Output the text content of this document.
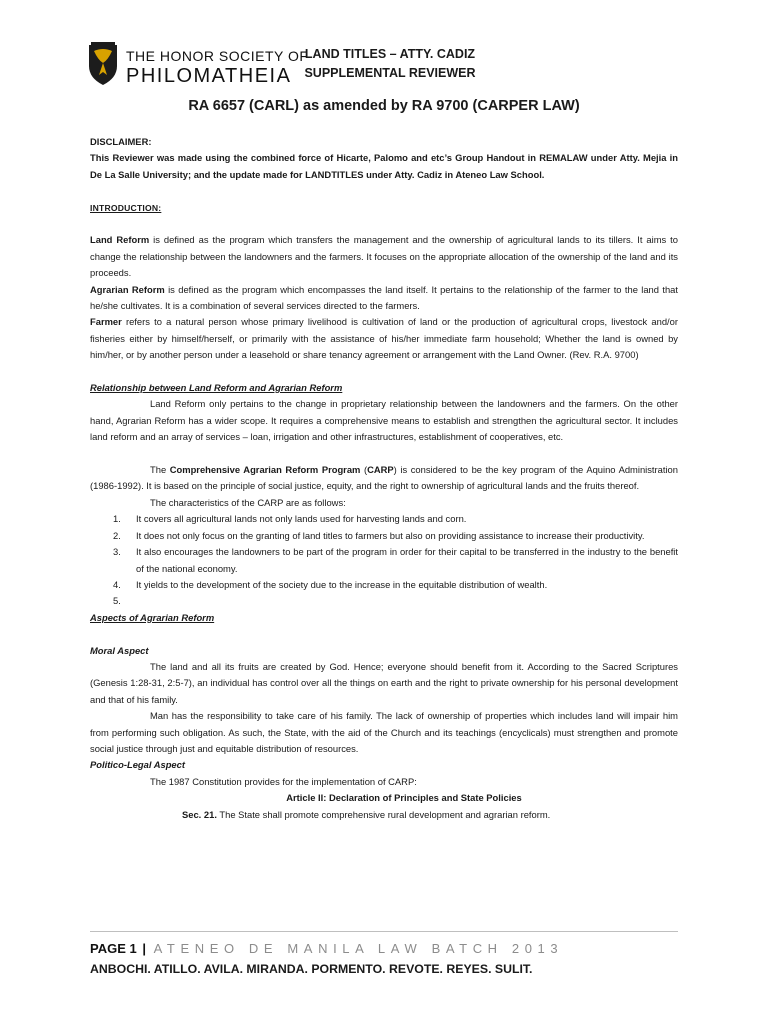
THE HONOR SOCIETY OF
PHILOMATHEIA
LAND TITLES – ATTY. CADIZ
SUPPLEMENTAL REVIEWER
RA 6657 (CARL) as amended by RA 9700 (CARPER LAW)

DISCLAIMER:

This Reviewer was made using the combined force of Hicarte, Palomo and etc’s Group Handout in REMALAW under Atty. Mejia in De La Salle University; and the update made for LANDTITLES under Atty. Cadiz in Ateneo Law School.

INTRODUCTION:

Land Reform is defined as the program which transfers the management and the ownership of agricultural lands to its tillers. It aims to change the relationship between the landowners and the farmers. It focuses on the appropriate allocation of the ownership of the land and its proceeds.

Agrarian Reform is defined as the program which encompasses the land itself. It pertains to the relationship of the farmer to the land that he/she cultivates. It is a combination of several services directed to the farmers.

Farmer refers to a natural person whose primary livelihood is cultivation of land or the production of agricultural crops, livestock and/or fisheries either by himself/herself, or primarily with the assistance of his/her immediate farm household; Whether the land is owned by him/her, or by another person under a leasehold or share tenancy agreement or arrangement with the Land Owner. (Rev. R.A. 9700)

Relationship between Land Reform and Agrarian Reform

Land Reform only pertains to the change in proprietary relationship between the landowners and the farmers. On the other hand, Agrarian Reform has a wider scope. It requires a comprehensive means to establish and strengthen the agricultural sector. It includes land reform and an array of services – loan, irrigation and other infrastructures, establishment of cooperatives, etc.

The Comprehensive Agrarian Reform Program (CARP) is considered to be the key program of the Aquino Administration (1986-1992). It is based on the principle of social justice, equity, and the right to ownership of agricultural lands and the fruits thereof.

The characteristics of the CARP are as follows:

1. It covers all agricultural lands not only lands used for harvesting lands and corn.
2. It does not only focus on the granting of land titles to farmers but also on providing assistance to increase their productivity.
3. It also encourages the landowners to be part of the program in order for their capital to be transferred in the industry to the benefit of the national economy.
4. It yields to the development of the society due to the increase in the equitable distribution of wealth.
5.

Aspects of Agrarian Reform

Moral Aspect

The land and all its fruits are created by God. Hence; everyone should benefit from it. According to the Sacred Scriptures (Genesis 1:28-31, 2:5-7), an individual has control over all the things on earth and the right to private ownership for his personal development and that of his family.

Man has the responsibility to take care of his family. The lack of ownership of properties which includes land will impair him from performing such obligation. As such, the State, with the aid of the Church and its teachings (encyclicals) must strengthen and promote social justice through just and equitable distribution of resources.

Politico-Legal Aspect

The 1987 Constitution provides for the implementation of CARP:

Article II: Declaration of Principles and State Policies

Sec. 21. The State shall promote comprehensive rural development and agrarian reform.

PAGE 1 | ATENEO DE MANILA LAW BATCH 2013
ANBOCHI. ATILLO. AVILA. MIRANDA. PORMENTO. REVOTE. REYES. SULIT.
